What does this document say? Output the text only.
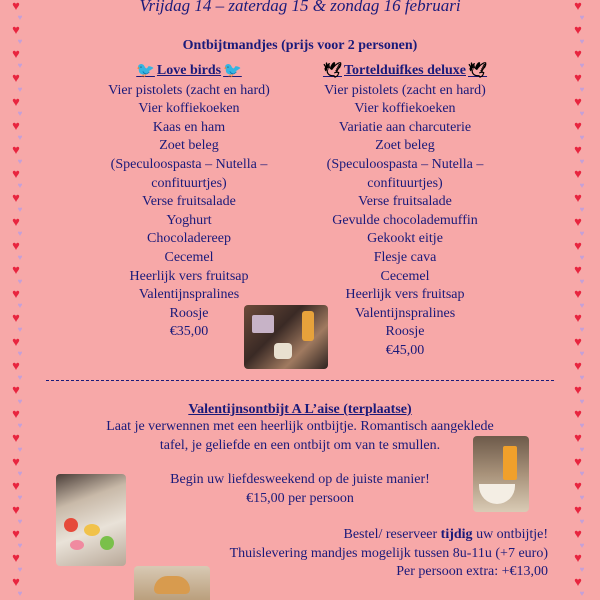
♥
♥
♥
♥
♥
♥
♥
♥
♥
♥
♥
♥
♥
♥
♥
♥
♥
♥
♥
♥
♥
♥
♥
♥
♥
♥
♥
♥
♥
♥
♥
♥
♥
♥
♥
♥
♥
♥
♥
♥
♥
♥
♥
♥
♥
♥
♥
♥
♥
♥
♥
♥
♥
♥
♥
♥
♥
♥
♥
♥
♥
♥
♥
♥
♥
♥
♥
♥
♥
♥
♥
♥
♥
♥
♥
♥
♥
♥
♥
♥
♥
♥
♥
♥
♥
♥
♥
♥
♥
♥
♥
♥
♥
♥
♥
♥
♥
♥
♥
♥
Vrijdag 14 – zaterdag 15 & zondag 16 februari
Ontbijtmandjes (prijs voor 2 personen)
🐦 Love birds 🐦
Vier pistolets (zacht en hard)
Vier koffiekoeken
Kaas en ham
Zoet beleg
(Speculoospasta – Nutella –
confituurtjes)
Verse fruitsalade
Yoghurt
Chocoladereep
Cecemel
Heerlijk vers fruitsap
Valentijnspralines
Roosje
€35,00
🕊 Tortelduifkes deluxe 🕊
Vier pistolets (zacht en hard)
Vier koffiekoeken
Variatie aan charcuterie
Zoet beleg
(Speculoospasta – Nutella –
confituurtjes)
Verse fruitsalade
Gevulde chocolademuffin
Gekookt eitje
Flesje cava
Cecemel
Heerlijk vers fruitsap
Valentijnspralines
Roosje
€45,00
Valentijnsontbijt A L’aise (terplaatse)
Laat je verwennen met een heerlijk ontbijtje. Romantisch aangeklede
tafel, je geliefde en een ontbijt om van te smullen.
Begin uw liefdesweekend op de juiste manier!
€15,00 per persoon
Bestel/ reserveer tijdig uw ontbijtje!
Thuislevering mandjes mogelijk tussen 8u-11u (+7 euro)
Per persoon extra: +€13,00
